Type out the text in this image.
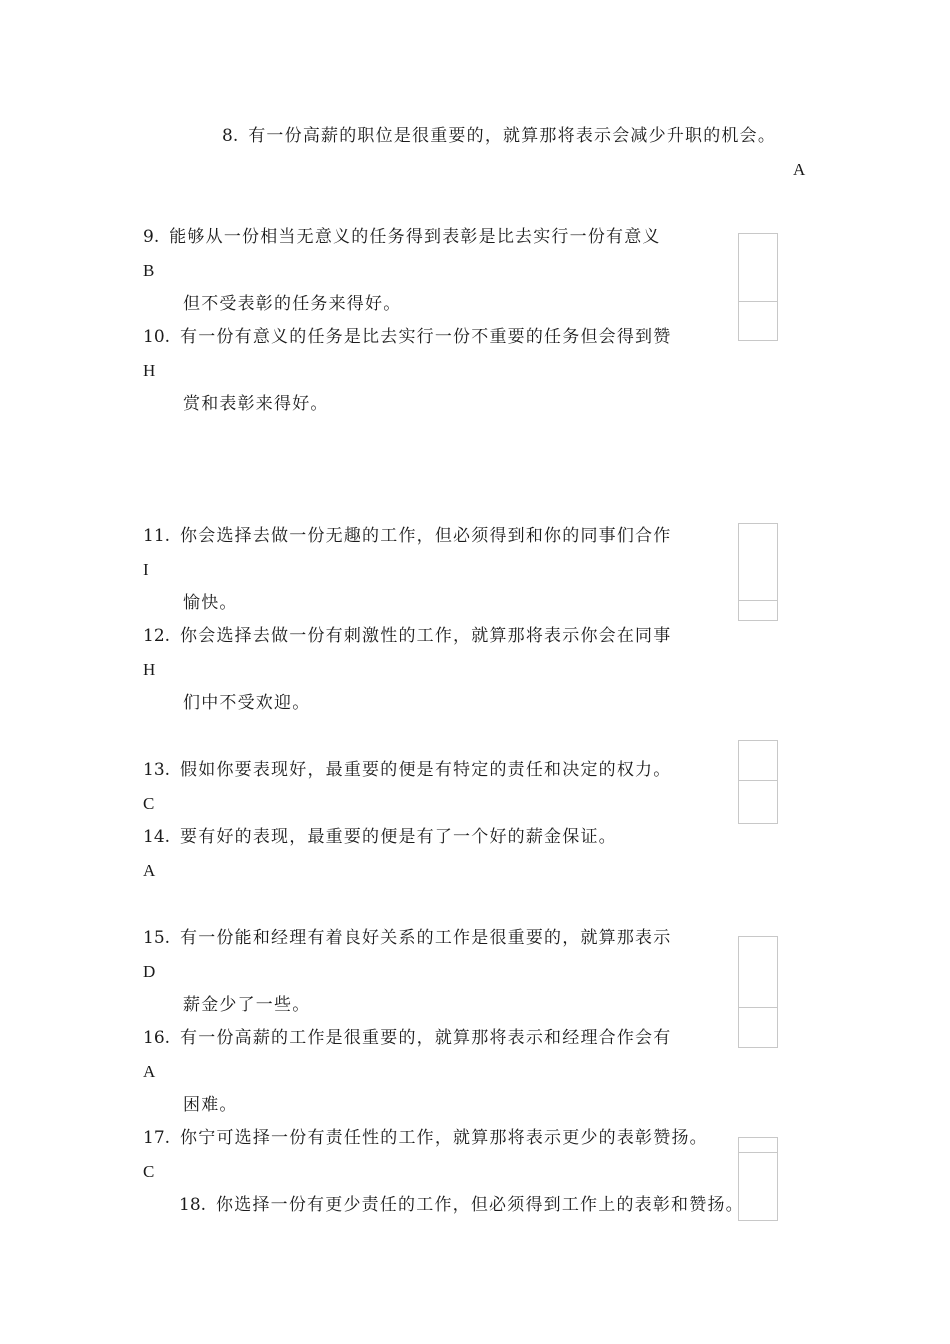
8. 有一份高薪的职位是很重要的，就算那将表示会减少升职的机会。
A
9. 能够从一份相当无意义的任务得到表彰是比去实行一份有意义
B
但不受表彰的任务来得好。
10. 有一份有意义的任务是比去实行一份不重要的任务但会得到赞
H
赏和表彰来得好。
11. 你会选择去做一份无趣的工作，但必须得到和你的同事们合作
I
愉快。
12. 你会选择去做一份有刺激性的工作，就算那将表示你会在同事
H
们中不受欢迎。
13. 假如你要表现好，最重要的便是有特定的责任和决定的权力。
C
14. 要有好的表现，最重要的便是有了一个好的薪金保证。
A
15. 有一份能和经理有着良好关系的工作是很重要的，就算那表示
D
薪金少了一些。
16. 有一份高薪的工作是很重要的，就算那将表示和经理合作会有
A
困难。
17. 你宁可选择一份有责任性的工作，就算那将表示更少的表彰赞扬。
C
18. 你选择一份有更少责任的工作，但必须得到工作上的表彰和赞扬。
